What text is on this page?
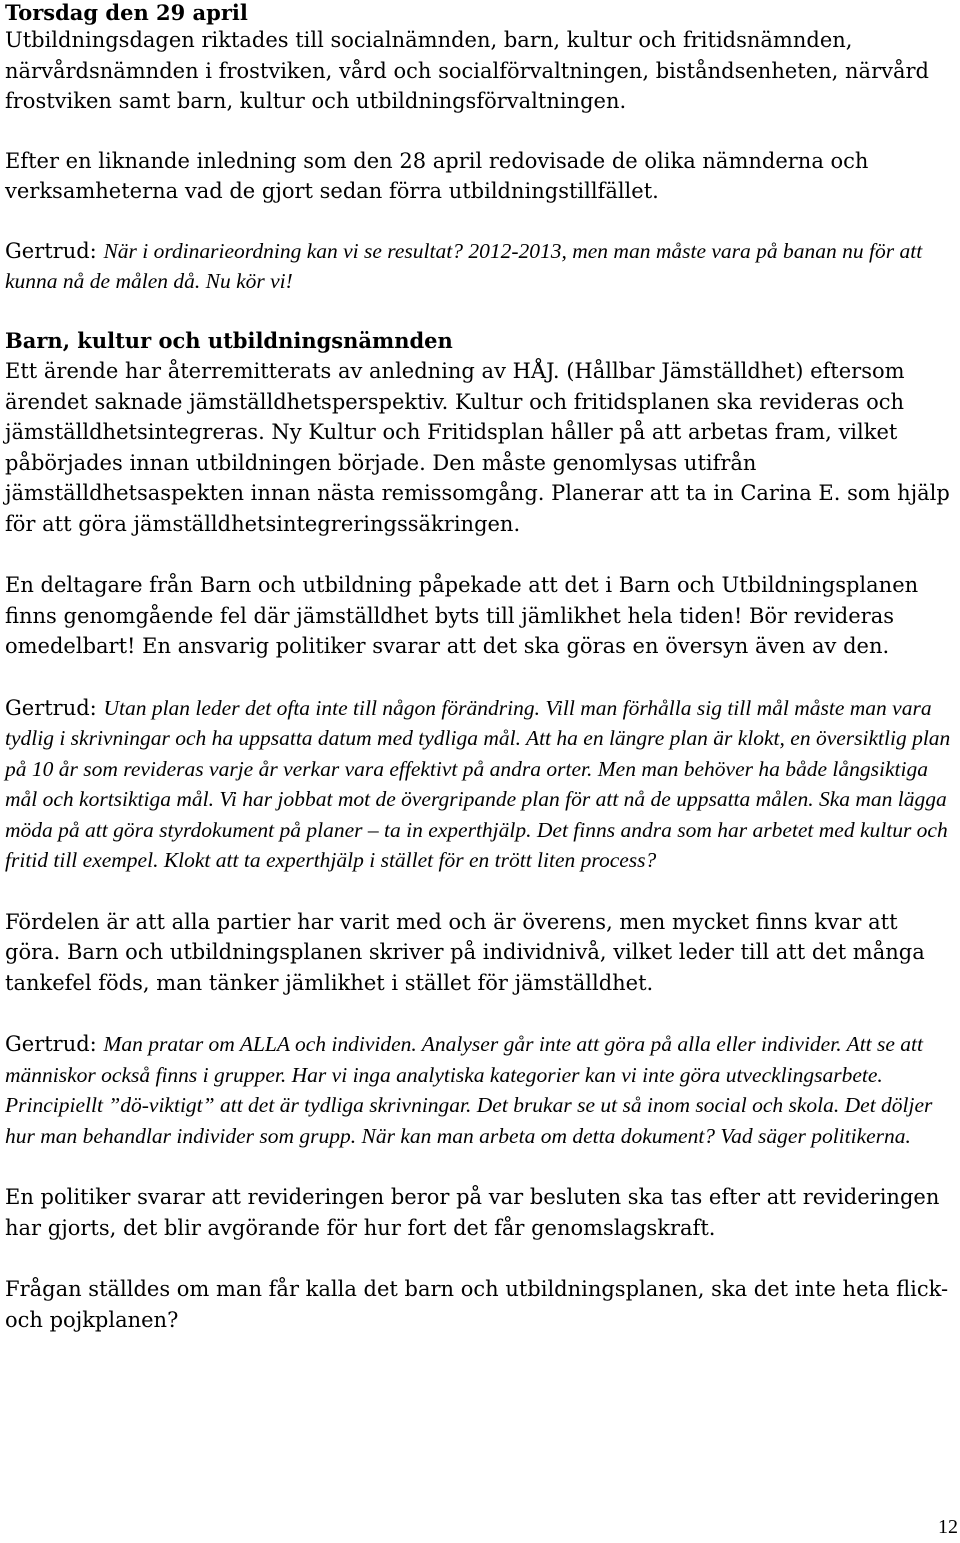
Torsdag den 29 april

Utbildningsdagen riktades till socialnämnden, barn, kultur och fritidsnämnden, närvårdsnämnden i frostviken, vård och socialförvaltningen, biståndsenheten, närvård frostviken samt barn, kultur och utbildningsförvaltningen.

Efter en liknande inledning som den 28 april redovisade de olika nämnderna och verksamheterna vad de gjort sedan förra utbildningstillfället.

Gertrud: När i ordinarieordning kan vi se resultat? 2012-2013, men man måste vara på banan nu för att kunna nå de målen då. Nu kör vi!

Barn, kultur och utbildningsnämnden

Ett ärende har återremitterats av anledning av HÅJ. (Hållbar Jämställdhet) eftersom ärendet saknade jämställdhetsperspektiv. Kultur och fritidsplanen ska revideras och jämställdhetsintegreras. Ny Kultur och Fritidsplan håller på att arbetas fram, vilket påbörjades innan utbildningen började. Den måste genomlysas utifrån jämställdhetsaspekten innan nästa remissomgång. Planerar att ta in Carina E. som hjälp för att göra jämställdhetsintegreringssäkringen.

En deltagare från Barn och utbildning påpekade att det i Barn och Utbildningsplanen finns genomgående fel där jämställdhet byts till jämlikhet hela tiden! Bör revideras omedelbart! En ansvarig politiker svarar att det ska göras en översyn även av den.

Gertrud: Utan plan leder det ofta inte till någon förändring. Vill man förhålla sig till mål måste man vara tydlig i skrivningar och ha uppsatta datum med tydliga mål. Att ha en längre plan är klokt, en översiktlig plan på 10 år som revideras varje år verkar vara effektivt på andra orter. Men man behöver ha både långsiktiga mål och kortsiktiga mål. Vi har jobbat mot de övergripande plan för att nå de uppsatta målen. Ska man lägga möda på att göra styrdokument på planer – ta in experthjälp. Det finns andra som har arbetet med kultur och fritid till exempel. Klokt att ta experthjälp i stället för en trött liten process?

Fördelen är att alla partier har varit med och är överens, men mycket finns kvar att göra. Barn och utbildningsplanen skriver på individnivå, vilket leder till att det många tankefel föds, man tänker jämlikhet i stället för jämställdhet.

Gertrud: Man pratar om ALLA och individen. Analyser går inte att göra på alla eller individer. Att se att människor också finns i grupper. Har vi inga analytiska kategorier kan vi inte göra utvecklingsarbete. Principiellt ”dö-viktigt” att det är tydliga skrivningar. Det brukar se ut så inom social och skola. Det döljer hur man behandlar individer som grupp. När kan man arbeta om detta dokument? Vad säger politikerna.

En politiker svarar att revideringen beror på var besluten ska tas efter att revideringen har gjorts, det blir avgörande för hur fort det får genomslagskraft.

Frågan ställdes om man får kalla det barn och utbildningsplanen, ska det inte heta flick- och pojkplanen?

12
